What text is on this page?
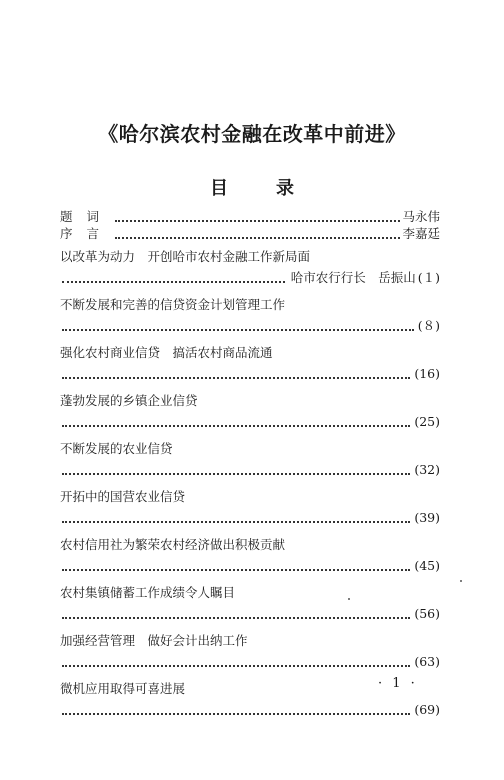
《哈尔滨农村金融在改革中前进》
目录
题词	马永伟
序言	李嘉廷
以改革为动力　开创哈市农村金融工作新局面
哈市农行行长　岳振山 (１)
不断发展和完善的信贷资金计划管理工作
(８)
强化农村商业信贷　搞活农村商品流通
(16)
蓬勃发展的乡镇企业信贷
(25)
不断发展的农业信贷
(32)
开拓中的国营农业信贷
(39)
农村信用社为繁荣农村经济做出积极贡献
(45)
农村集镇储蓄工作成绩令人瞩目
(56)
加强经营管理　做好会计出纳工作
(63)
微机应用取得可喜进展
(69)
· 1 ·
